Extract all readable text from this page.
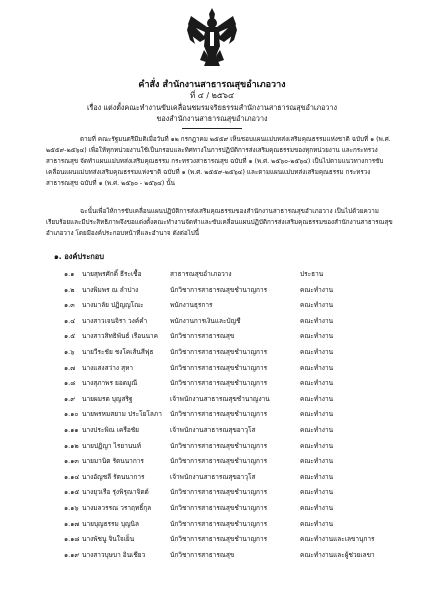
คำสั่ง สำนักงานสาธารณสุขอำเภอวาง
ที่ ๔ / ๒๕๖๔
เรื่อง แต่งตั้งคณะทำงานขับเคลื่อนชมรมจริยธรรมสำนักงานสาธารณสุขอำเภอวาง
ของสำนักงานสาธารณสุขอำเภอวาง
ตามที่ คณะรัฐมนตรีมีมติเมื่อวันที่ ๑๒ กรกฎาคม ๒๕๕๙ เห็นชอบแผนแม่บทส่งเสริมคุณธรรมแห่งชาติ ฉบับที่ ๑ (พ.ศ. ๒๕๕๙-๒๕๖๔) เพื่อให้ทุกหน่วยงานใช้เป็นกรอบและทิศทางในการปฏิบัติการส่งเสริมคุณธรรมของทุกหน่วยงาน และกระทรวงสาธารณสุข จัดทำแผนแม่บทส่งเสริมคุณธรรม กระทรวงสาธารณสุข ฉบับที่ ๑ (พ.ศ. ๒๕๖๐-๒๕๖๔) เป็นไปตามแนวทางการขับเคลื่อนแผนแม่บทส่งเสริมคุณธรรมแห่งชาติ ฉบับที่ ๑ (พ.ศ. ๒๕๕๙-๒๕๖๔) และตามแผนแม่บทส่งเสริมคุณธรรม กระทรวงสาธารณสุข ฉบับที่ ๑ (พ.ศ. ๒๕๖๐ - ๒๕๖๔) นั้น
ฉะนั้นเพื่อให้การขับเคลื่อนแผนปฏิบัติการส่งเสริมคุณธรรมของสำนักงานสาธารณสุขอำเภอวาง เป็นไปด้วยความเรียบร้อยและมีประสิทธิภาพจึงขอแต่งตั้งคณะทำงานจัดทำและขับเคลื่อนแผนปฏิบัติการส่งเสริมคุณธรรมของสำนักงานสาธารณสุขอำเภอวาง โดยมีองค์ประกอบหน้าที่และอำนาจ ดังต่อไปนี้
๑. องค์ประกอบ
๑.๑ นายสุพรศักดิ์ ธีระเชื้อ	สาธารณสุขอำเภอวาง	ประธาน
๑.๒ นางพิมพร ณ ลำปาง	นักวิชาการสาธารณสุขชำนาญการ	คณะทำงาน
๑.๓ นางมาลัย ปฏิญญโณะ	พนักงานธุรการ	คณะทำงาน
๑.๔ นางสาวเจนจิรา วงค์คำ	พนักงานการเงินและบัญชี	คณะทำงาน
๑.๕ นางสาวสิทธิพันธ์ เรือนนาค	นักวิชาการสาธารณสุข	คณะทำงาน
๑.๖ นายวีระชัย ชงโคเส้นสีฟุธ	นักวิชาการสาธารณสุขชำนาญการ	คณะทำงาน
๑.๗ นางแสงสว่าง สุหา	นักวิชาการสาธารณสุขชำนาญการ	คณะทำงาน
๑.๘ นางสุภาพร ยอดมูณี	นักวิชาการสาธารณสุขชำนาญการ	คณะทำงาน
๑.๙ นายผมรต บุญสริฐ	เจ้าพนักงานสาธารณสุขชำนาญงาน	คณะทำงาน
๑.๑๐ นายพรหมสยาม ประโยโลภา	นักวิชาการสาธารณสุขชำนาญการ	คณะทำงาน
๑.๑๑ นางประพิณ เครือชัย	เจ้าพนักงานสาธารณสุขอาวุโส	คณะทำงาน
๑.๑๒ นายปฏิญา ไรยานนท์	นักวิชาการสาธารณสุขชำนาญการ	คณะทำงาน
๑.๑๓ นายมานิต รัตนนาการ	นักวิชาการสาธารณสุขชำนาญการ	คณะทำงาน
๑.๑๔ นางอัญชลี รัตนนาการ	เจ้าพนักงานสาธารณสุขอาวุโส	คณะทำงาน
๑.๑๕ นางยุวเรือ รุ่งพิรุณาจิตต์	นักวิชาการสาธารณสุขชำนาญการ	คณะทำงาน
๑.๑๖ นางมลวรรณ วราฤทธิ์กุล	นักวิชาการสาธารณสุขชำนาญการ	คณะทำงาน
๑.๑๗ นายบุญธรรม บุญนิล	นักวิชาการสาธารณสุขชำนาญการ	คณะทำงาน
๑.๑๘ นางพัชนู จินใจเย็น	นักวิชาการสาธารณสุขชำนาญการ	คณะทำงานและเลขานุการ
๑.๑๙ นางสาวบุษบา อินเชียว	นักวิชาการสาธารณสุข	คณะทำงานและผู้ช่วยเลขา
